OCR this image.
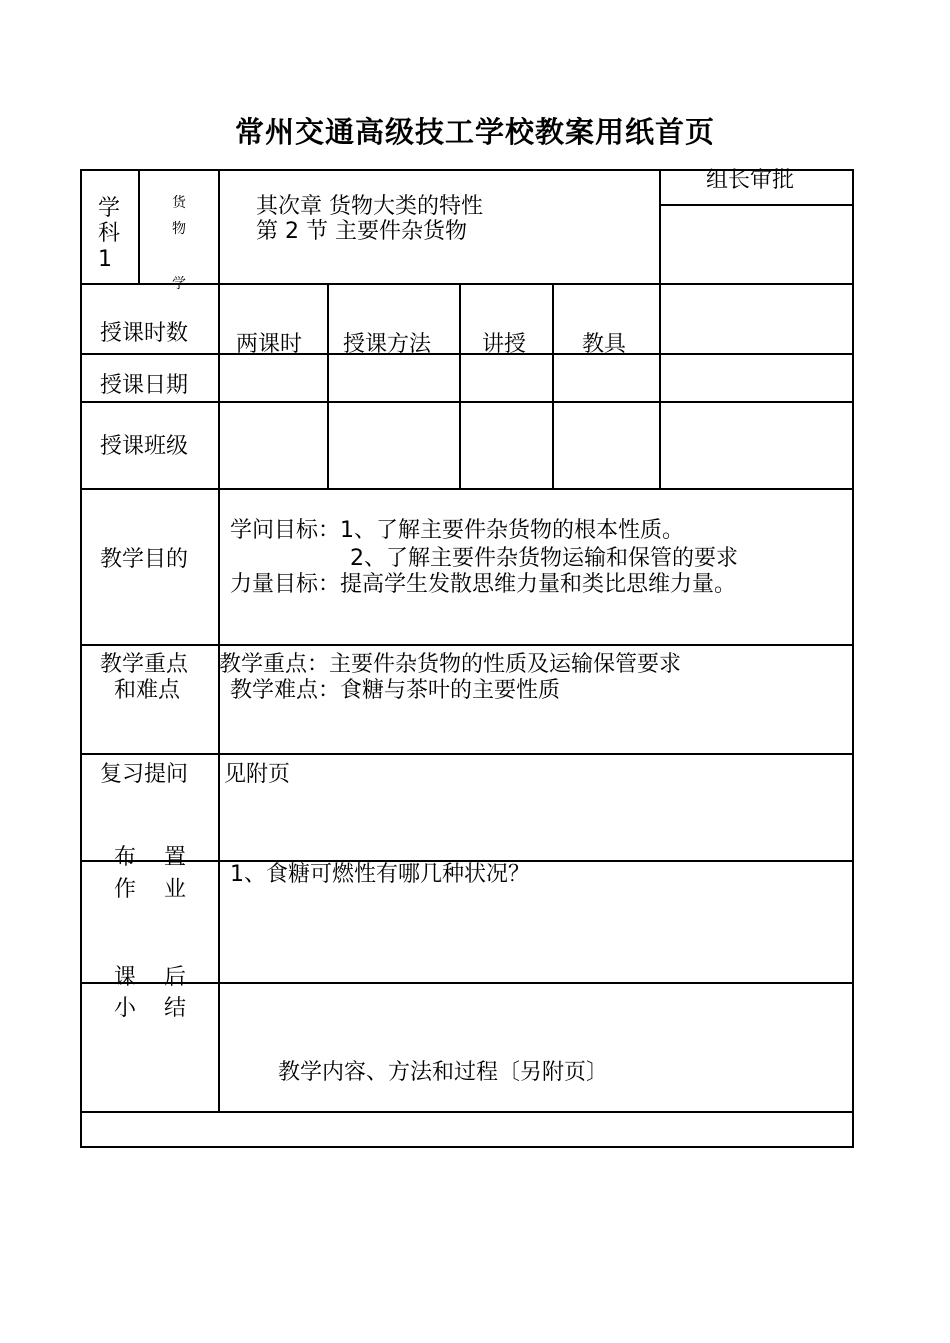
常州交通高级技工学校教案用纸首页
学
科
1
货
物
学
其次章 货物大类的特性
第 2 节 主要件杂货物
组长审批
授课时数 两课时 授课方法 讲授	教具
授课日期
授课班级
教学目的
学问目标：1、了解主要件杂货物的根本性质。
2、了解主要件杂货物运输和保管的要求
力量目标：提高学生发散思维力量和类比思维力量。
教学重点
和难点
教学重点：主要件杂货物的性质及运输保管要求
教学难点：食糖与茶叶的主要性质
复习提问 见附页
布    置
作    业
1、食糖可燃性有哪几种状况？
课    后
小    结
教学内容、方法和过程〔另附页〕
